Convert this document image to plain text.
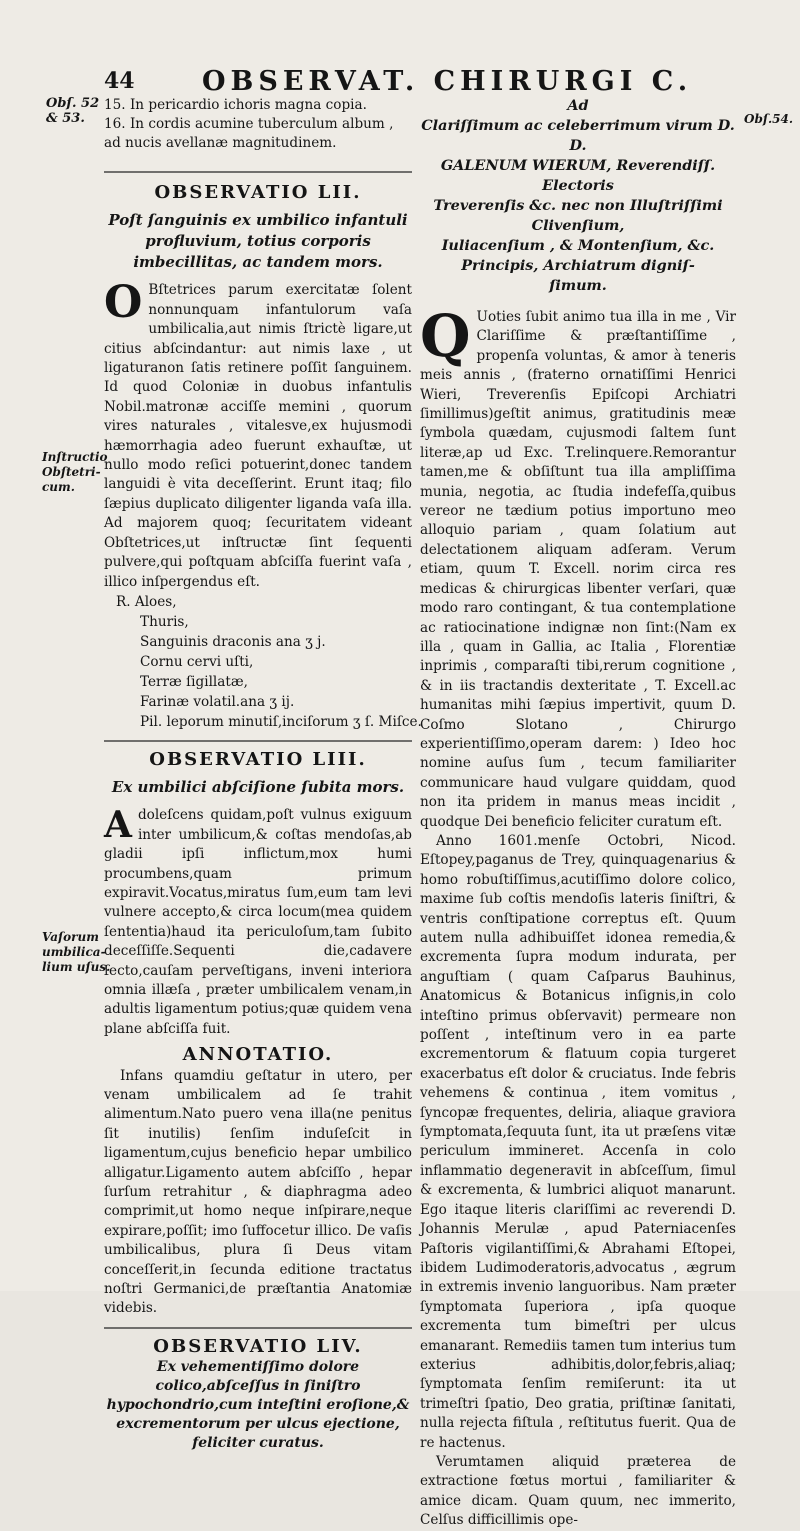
44 OBSERVAT. CHIRURGI C.
Obſ. 52
& 53.
Inſtructio
Obſtetri-
cum.
Vaſorum
umbilica-
lium uſus.
Obſ.54.
15. In pericardio ichoris magna copia.
16. In cordis acumine tuberculum album ,
ad nucis avellanæ magnitudinem.
OBSERVATIO LII.
Poſt ſanguinis ex umbilico infantuli profluvium, totius corporis imbecillitas, ac tandem mors.

O Bſtetrices parum exercitatæ ſolent nonnunquam infantulorum vaſa umbilicalia,aut nimis ſtrictè ligare,ut citius abſcindantur: aut nimis laxe , ut ligaturanon ſatis retinere poſſit ſanguinem. Id quod Coloniæ in duobus infantulis Nobil.matronæ acciſſe memini , quorum vires naturales , vitalesve,ex hujusmodi hæmorrhagia adeo fuerunt exhauſtæ, ut nullo modo reſici potuerint,donec tandem languidi è vita deceſſerint. Erunt itaq; filo ſæpius duplicato diligenter liganda vaſa illa. Ad majorem quoq; ſecuritatem videant Obſtetrices,ut inſtructæ ſint ſequenti pulvere,qui poſtquam abſciſſa fuerint vaſa , illico inſpergendus eſt.

R. Aloes,
Thuris,
Sanguinis draconis ana ʒ j.
Cornu cervi uſti,
Terræ ſigillatæ,
Farinæ volatil.ana ʒ ij.
Pil. leporum minutiſ,inciſorum ʒ ſ. Miſce.
OBSERVATIO LIII.
Ex umbilici abſciſione ſubita mors.

Adoleſcens quidam,poſt vulnus exiguum inter umbilicum,& coſtas mendoſas,ab gladii ipſi inflictum,mox humi procumbens,quam primum expiravit.Vocatus,miratus ſum,eum tam levi vulnere accepto,& circa locum(mea quidem ſententia)haud ita periculoſum,tam ſubito deceſſiſſe.Sequenti die,cadavere ſecto,cauſam perveſtigans, inveni interiora omnia illæſa , præter umbilicalem venam,in adultis ligamentum potius;quæ quidem vena plane abſciſſa fuit.

ANNOTATIO.

Infans quamdiu geſtatur in utero, per venam umbilicalem ad ſe trahit alimentum.Nato puero vena illa(ne penitus ſit inutilis) ſenſim induſeſcit in ligamentum,cujus beneficio hepar umbilico alligatur.Ligamento autem abſciſſo , hepar ſurſum retrahitur , & diaphragma adeo comprimit,ut homo neque inſpirare,neque expirare,poſſit; imo ſuffocetur illico. De vaſis umbilicalibus, plura ſi Deus vitam conceſſerit,in ſecunda editione tractatus noſtri Germanici,de præſtantia Anatomiæ videbis.

OBSERVATIO LIV.
Ex vehementiſſimo dolore colico,abſceſſus in ſiniſtro hypochondrio,cum inteſtini eroſione,& excrementorum per ulcus ejectione, feliciter curatus.
Ad
Clariſſimum ac celeberrimum virum D. D.
GALENUM WIERUM, Reverendiſſ. Electoris
Treverenſis &c. nec non Illuſtriſſimi Clivenſium,
Iuliacenſium , & Montenſium, &c.
Principis, Archiatrum digniſ-
ſimum.

Q Uoties ſubit animo tua illa in me , Vir Clariſſime & præſtantiſſime , propenſa voluntas, & amor à teneris meis annis , (fraterno ornatiſſimi Henrici Wieri, Treverenſis Epiſcopi Archiatri ſimillimus)geſtit animus, gratitudinis meæ ſymbola quædam, cujusmodi ſaltem ſunt literæ,ap ud Exc. T.relinquere.Remorantur tamen,me & obſiſtunt tua illa ampliſſima munia, negotia, ac ſtudia indefeſſa,quibus vereor ne tædium potius importuno meo alloquio pariam , quam ſolatium aut delectationem aliquam adſeram. Verum etiam, quum T. Excell. norim circa res medicas & chirurgicas libenter verſari, quæ modo raro contingant, & tua contemplatione ac ratiocinatione indignæ non ſint:(Nam ex illa , quam in Gallia, ac Italia , Florentiæ inprimis , comparaſti tibi,rerum cognitione , & in iis tractandis dexteritate , T. Excell.ac humanitas mihi ſæpius impertivit, quum D. Coſmo Slotano , Chirurgo experientiſſimo,operam darem: ) Ideo hoc nomine auſus ſum , tecum familiariter communicare haud vulgare quiddam, quod non ita pridem in manus meas incidit , quodque Dei beneficio feliciter curatum eſt.

Anno 1601.menſe Octobri, Nicod. Eſtopey,paganus de Trey, quinquagenarius & homo robuſtiſſimus,acutiſſimo dolore colico, maxime ſub coſtis mendoſis lateris ſiniſtri, & ventris conſtipatione correptus eſt. Quum autem nulla adhibuiſſet idonea remedia,& excrementa ſupra modum indurata, per anguſtiam ( quam Caſparus Bauhinus, Anatomicus & Botanicus inſignis,in colo inteſtino primus obſervavit) permeare non poſſent , inteſtinum vero in ea parte excrementorum & flatuum copia turgeret exacerbatus eſt dolor & cruciatus. Inde febris vehemens & continua , item vomitus , ſyncopæ frequentes, deliria, aliaque graviora ſymptomata,ſequuta ſunt, ita ut præſens vitæ periculum immineret. Accenſa in colo inflammatio degeneravit in abſceſſum, ſimul & excrementa, & lumbrici aliquot manarunt. Ego itaque literis clariſſimi ac reverendi D. Johannis Merulæ , apud Paterniacenſes Paſtoris vigilantiſſimi,& Abrahami Eſtopei, ibidem Ludimoderatoris,advocatus , ægrum in extremis invenio languoribus. Nam præter ſymptomata ſuperiora , ipſa quoque excrementa tum bimeſtri per ulcus emanarant. Remediis tamen tum interius tum exterius adhibitis,dolor,febris,aliaq; ſymptomata ſenſim remiſerunt: ita ut trimeſtri ſpatio, Deo gratia, priſtinæ ſanitati, nulla rejecta fiſtula , reſtitutus fuerit. Qua de re hactenus.

Verumtamen aliquid præterea de extractione fœtus mortui , familiariter & amice dicam. Quam quum, nec immerito, Celſus difficillimis ope-
